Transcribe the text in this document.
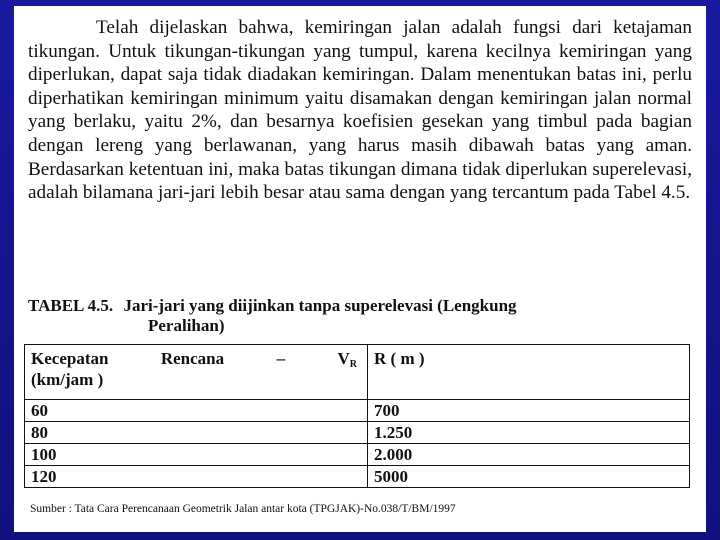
Telah dijelaskan bahwa, kemiringan jalan adalah fungsi dari ketajaman tikungan. Untuk tikungan-tikungan yang tumpul, karena kecilnya kemiringan yang diperlukan, dapat saja tidak diadakan kemiringan. Dalam menentukan batas ini, perlu diperhatikan kemiringan minimum yaitu disamakan dengan kemiringan jalan normal yang berlaku, yaitu 2%, dan besarnya koefisien gesekan yang timbul pada bagian dengan lereng yang berlawanan, yang harus masih dibawah batas yang aman. Berdasarkan ketentuan ini, maka batas tikungan dimana tidak diperlukan superelevasi, adalah bilamana jari-jari lebih besar atau sama dengan yang tercantum pada Tabel 4.5.

TABEL 4.5. Jari-jari yang diijinkan tanpa superelevasi (Lengkung
Peralihan)
Kecepatan Rencana – $V_R$
(km/jam )	R ( m )
60	700
80	1.250
100	2.000
120	5000
Sumber : Tata Cara Perencanaan Geometrik Jalan antar kota (TPGJAK)-No.038/T/BM/1997
